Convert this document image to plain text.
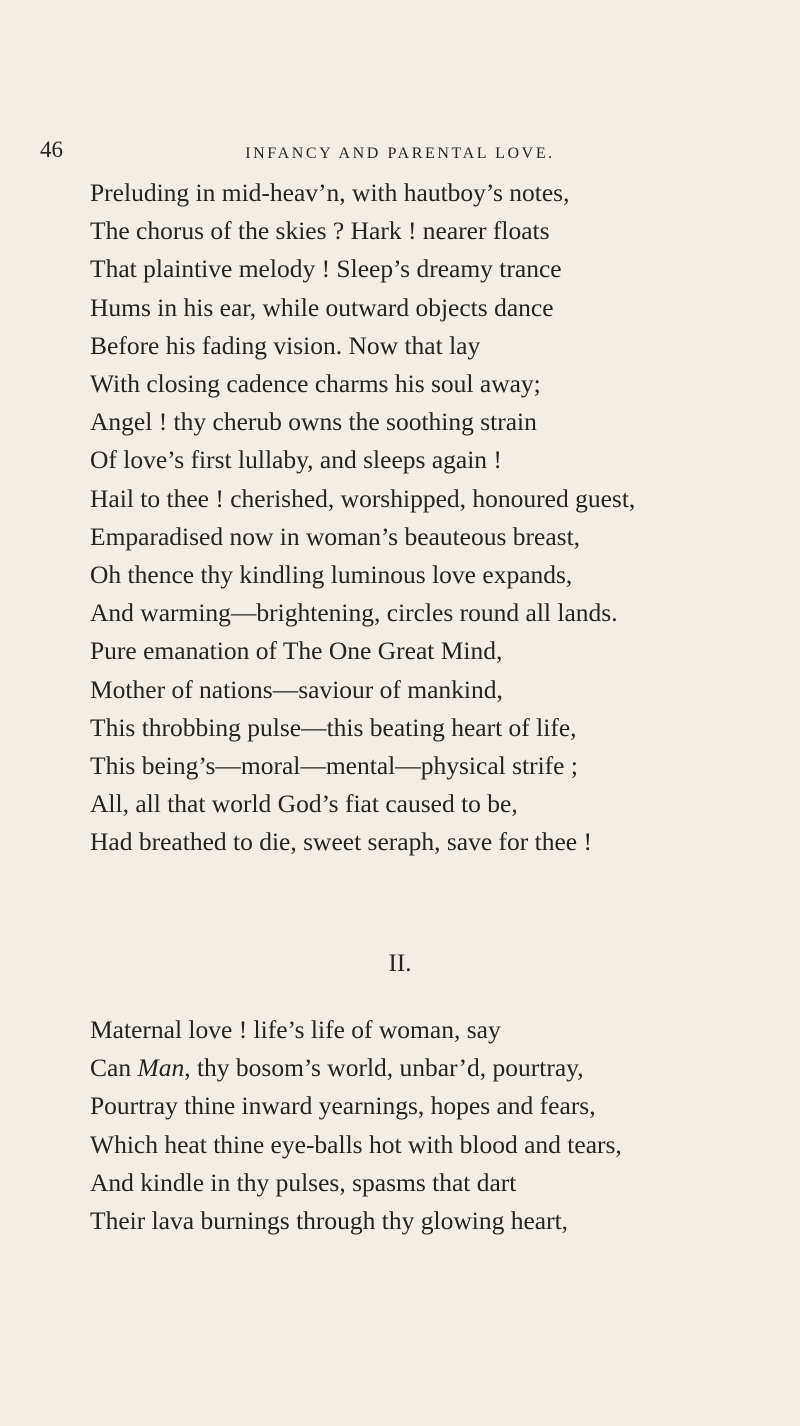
46	INFANCY AND PARENTAL LOVE.
Preluding in mid-heav’n, with hautboy’s notes,
The chorus of the skies ? Hark ! nearer floats
That plaintive melody ! Sleep’s dreamy trance
Hums in his ear, while outward objects dance
Before his fading vision. Now that lay
With closing cadence charms his soul away;
Angel ! thy cherub owns the soothing strain
Of love’s first lullaby, and sleeps again !
Hail to thee ! cherished, worshipped, honoured guest,
Emparadised now in woman’s beauteous breast,
Oh thence thy kindling luminous love expands,
And warming—brightening, circles round all lands.
Pure emanation of The One Great Mind,
Mother of nations—saviour of mankind,
This throbbing pulse—this beating heart of life,
This being’s—moral—mental—physical strife ;
All, all that world God’s fiat caused to be,
Had breathed to die, sweet seraph, save for thee !
II.
Maternal love ! life’s life of woman, say
Can Man, thy bosom’s world, unbar’d, pourtray,
Pourtray thine inward yearnings, hopes and fears,
Which heat thine eye-balls hot with blood and tears,
And kindle in thy pulses, spasms that dart
Their lava burnings through thy glowing heart,
